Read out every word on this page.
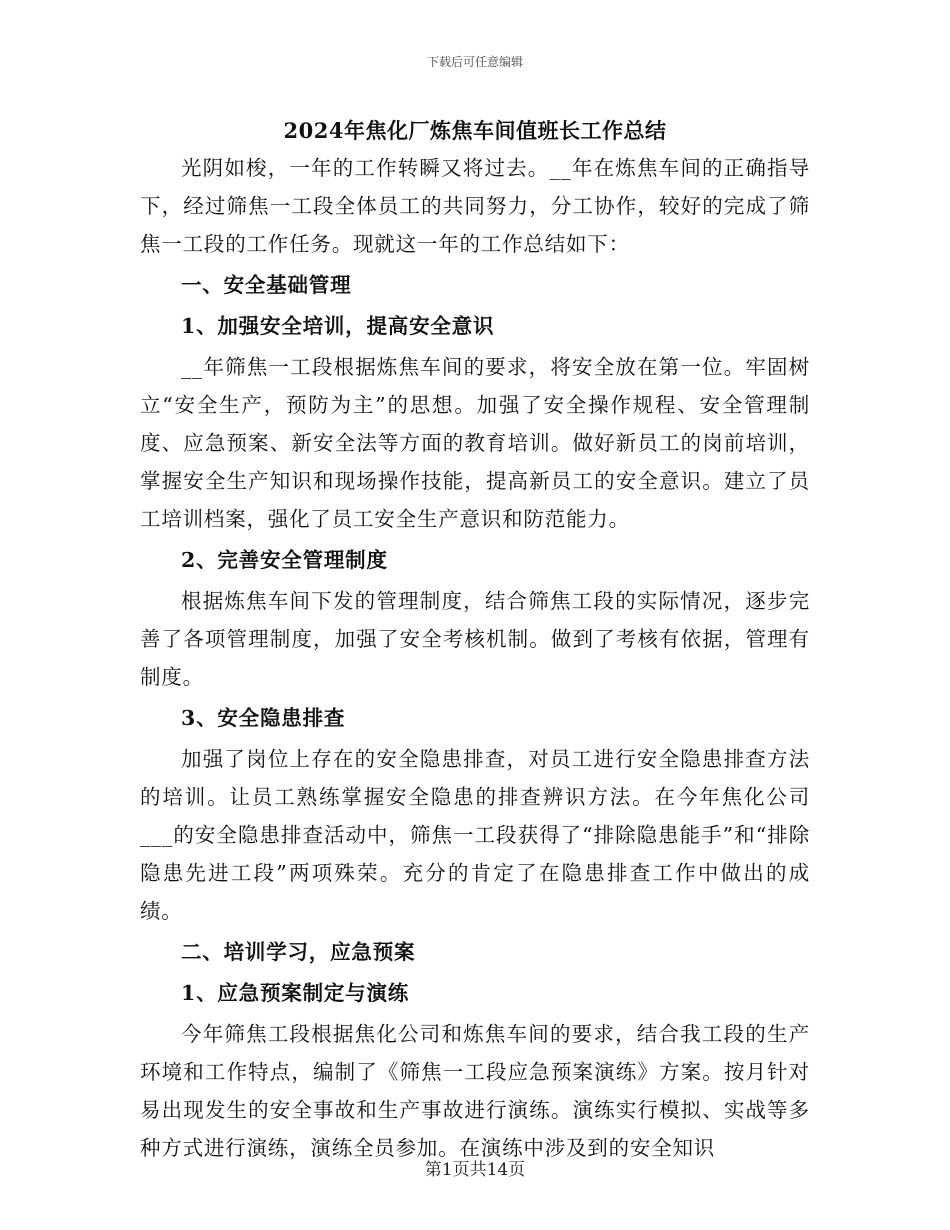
下载后可任意编辑
2024年焦化厂炼焦车间值班长工作总结

光阴如梭，一年的工作转瞬又将过去。__年在炼焦车间的正确指导下，经过筛焦一工段全体员工的共同努力，分工协作，较好的完成了筛焦一工段的工作任务。现就这一年的工作总结如下：

一、安全基础管理

1、加强安全培训，提高安全意识

__年筛焦一工段根据炼焦车间的要求，将安全放在第一位。牢固树立“安全生产，预防为主”的思想。加强了安全操作规程、安全管理制度、应急预案、新安全法等方面的教育培训。做好新员工的岗前培训，掌握安全生产知识和现场操作技能，提高新员工的安全意识。建立了员工培训档案，强化了员工安全生产意识和防范能力。

2、完善安全管理制度

根据炼焦车间下发的管理制度，结合筛焦工段的实际情况，逐步完善了各项管理制度，加强了安全考核机制。做到了考核有依据，管理有制度。

3、安全隐患排查

加强了岗位上存在的安全隐患排查，对员工进行安全隐患排查方法的培训。让员工熟练掌握安全隐患的排查辨识方法。在今年焦化公司___的安全隐患排查活动中，筛焦一工段获得了“排除隐患能手”和“排除隐患先进工段”两项殊荣。充分的肯定了在隐患排查工作中做出的成绩。

二、培训学习，应急预案

1、应急预案制定与演练

今年筛焦工段根据焦化公司和炼焦车间的要求，结合我工段的生产环境和工作特点，编制了《筛焦一工段应急预案演练》方案。按月针对易出现发生的安全事故和生产事故进行演练。演练实行模拟、实战等多种方式进行演练，演练全员参加。在演练中涉及到的安全知识

第1页共14页
